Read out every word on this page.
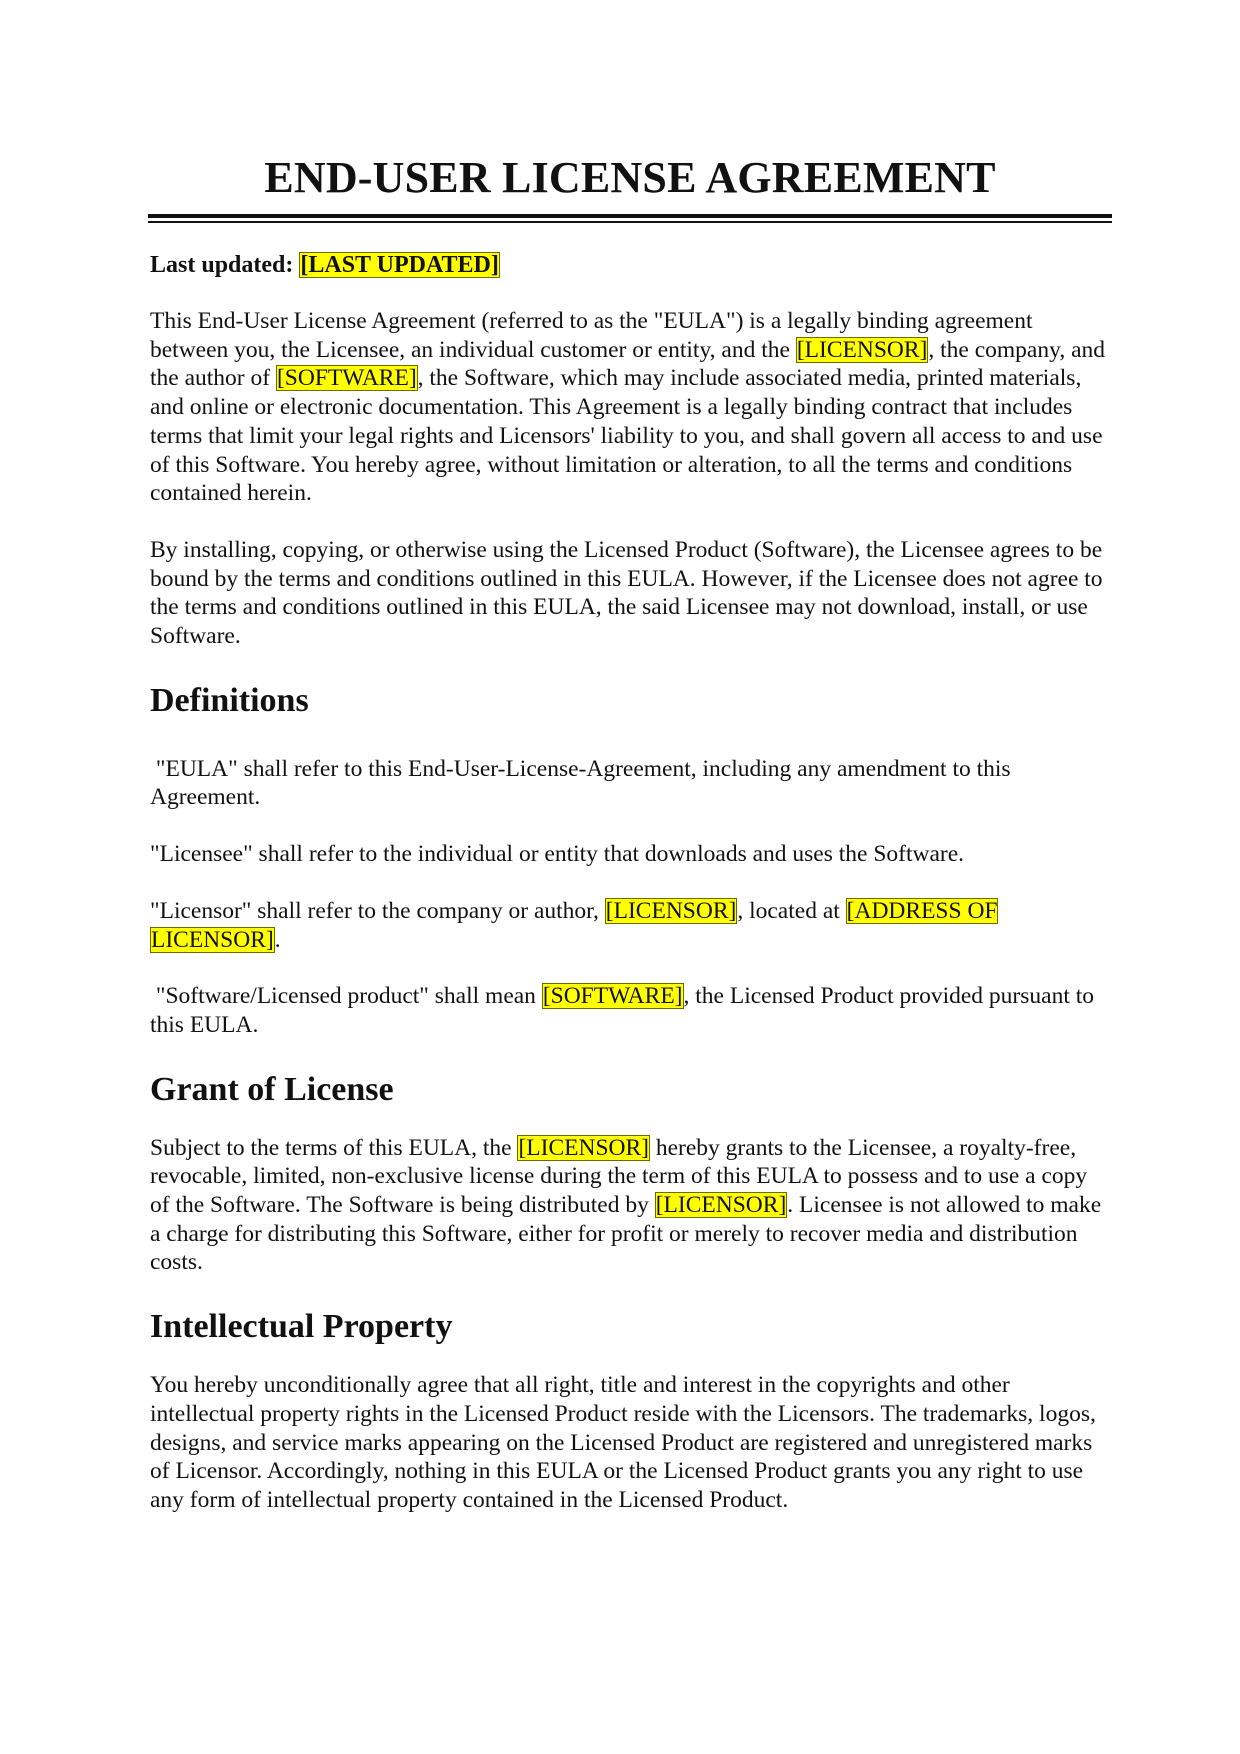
END-USER LICENSE AGREEMENT

Last updated: [LAST UPDATED]

This End-User License Agreement (referred to as the "EULA") is a legally binding agreement between you, the Licensee, an individual customer or entity, and the [LICENSOR], the company, and the author of [SOFTWARE], the Software, which may include associated media, printed materials, and online or electronic documentation. This Agreement is a legally binding contract that includes terms that limit your legal rights and Licensors' liability to you, and shall govern all access to and use of this Software. You hereby agree, without limitation or alteration, to all the terms and conditions contained herein.

By installing, copying, or otherwise using the Licensed Product (Software), the Licensee agrees to be bound by the terms and conditions outlined in this EULA. However, if the Licensee does not agree to the terms and conditions outlined in this EULA, the said Licensee may not download, install, or use Software.

Definitions

"EULA" shall refer to this End-User-License-Agreement, including any amendment to this Agreement.

"Licensee" shall refer to the individual or entity that downloads and uses the Software.

"Licensor" shall refer to the company or author, [LICENSOR], located at [ADDRESS OF
LICENSOR].

"Software/Licensed product" shall mean [SOFTWARE], the Licensed Product provided pursuant to this EULA.

Grant of License

Subject to the terms of this EULA, the [LICENSOR] hereby grants to the Licensee, a royalty-free, revocable, limited, non-exclusive license during the term of this EULA to possess and to use a copy of the Software. The Software is being distributed by [LICENSOR]. Licensee is not allowed to make a charge for distributing this Software, either for profit or merely to recover media and distribution costs.

Intellectual Property

You hereby unconditionally agree that all right, title and interest in the copyrights and other intellectual property rights in the Licensed Product reside with the Licensors. The trademarks, logos, designs, and service marks appearing on the Licensed Product are registered and unregistered marks of Licensor. Accordingly, nothing in this EULA or the Licensed Product grants you any right to use any form of intellectual property contained in the Licensed Product.
